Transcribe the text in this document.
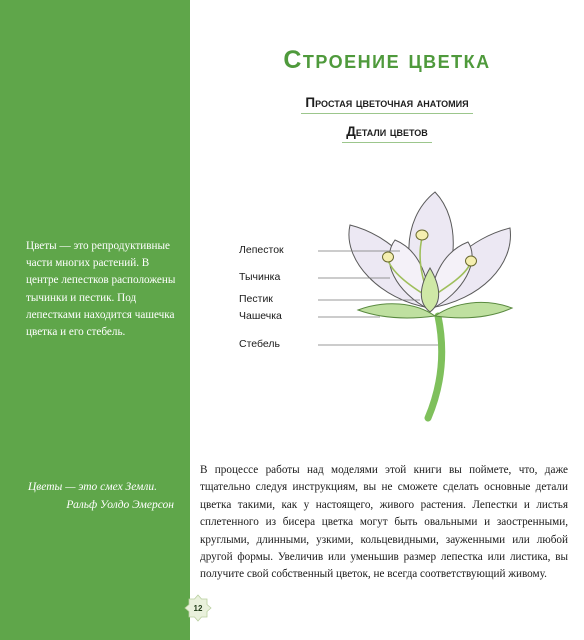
Цветы — это репродуктивные части многих растений. В центре лепестков расположены тычинки и пестик. Под лепестками находится чашечка цветка и его стебель.
Цветы — это смех Земли.
Ральф Уолдо Эмерсон
12
Строение цветка
Простая цветочная анатомия
Детали цветов
Лепесток
Тычинка
Пестик
Чашечка
Стебель
В процессе работы над моделями этой книги вы поймете, что, даже тщательно следуя инструкциям, вы не сможете сделать основные детали цветка такими, как у настоящего, живого растения. Лепестки и листья сплетенного из бисера цветка могут быть овальными и заостренными, круглыми, длинными, узкими, кольцевидными, зауженными или любой другой формы. Увеличив или уменьшив размер лепестка или листика, вы получите свой собственный цветок, не всегда соответствующий живому.
